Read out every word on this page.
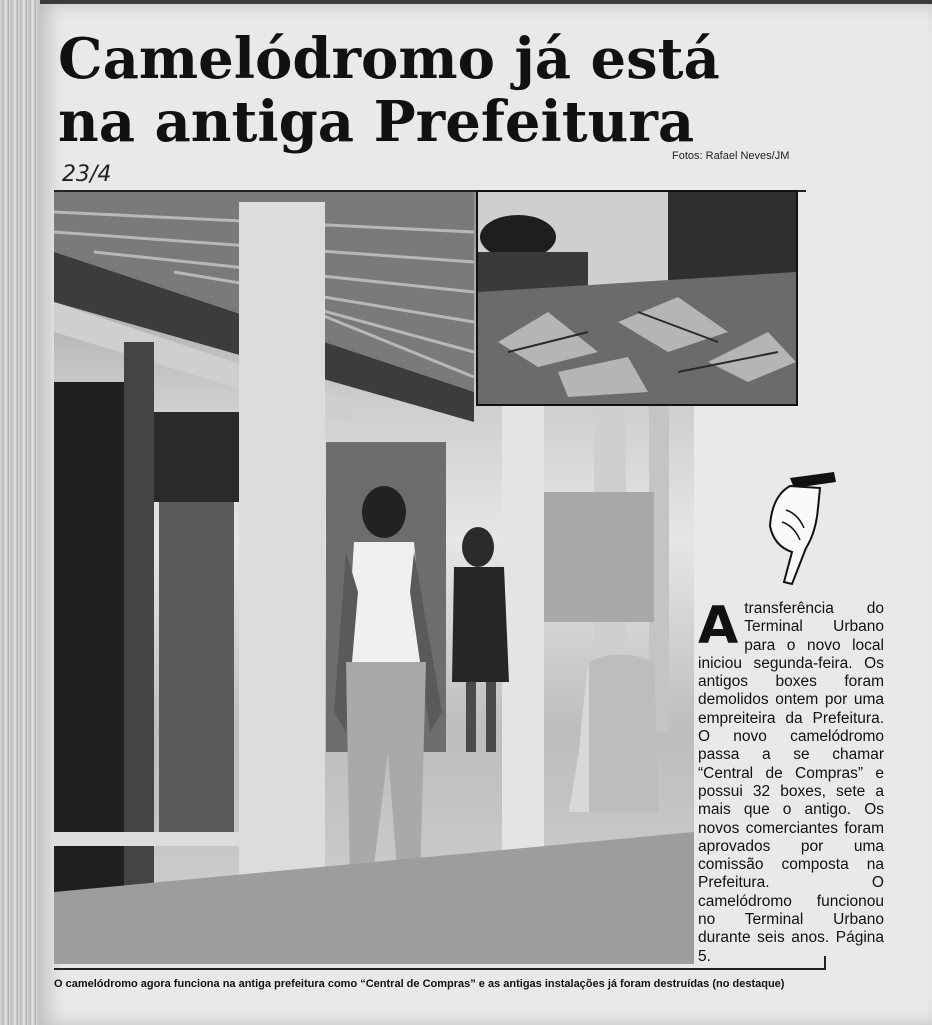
Camelódromo já está
na antiga Prefeitura
Fotos: Rafael Neves/JM
23/4
A transferência do Terminal Urbano para o novo local iniciou segunda-feira. Os antigos boxes foram demolidos ontem por uma empreiteira da Prefeitura. O novo camelódromo passa a se chamar “Central de Compras” e possui 32 boxes, sete a mais que o antigo. Os novos comerciantes foram aprovados por uma comissão composta na Prefeitura. O camelódromo funcionou no Terminal Urbano durante seis anos. Página 5.
O camelódromo agora funciona na antiga prefeitura como “Central de Compras” e as antigas instalações já foram destruídas (no destaque)
